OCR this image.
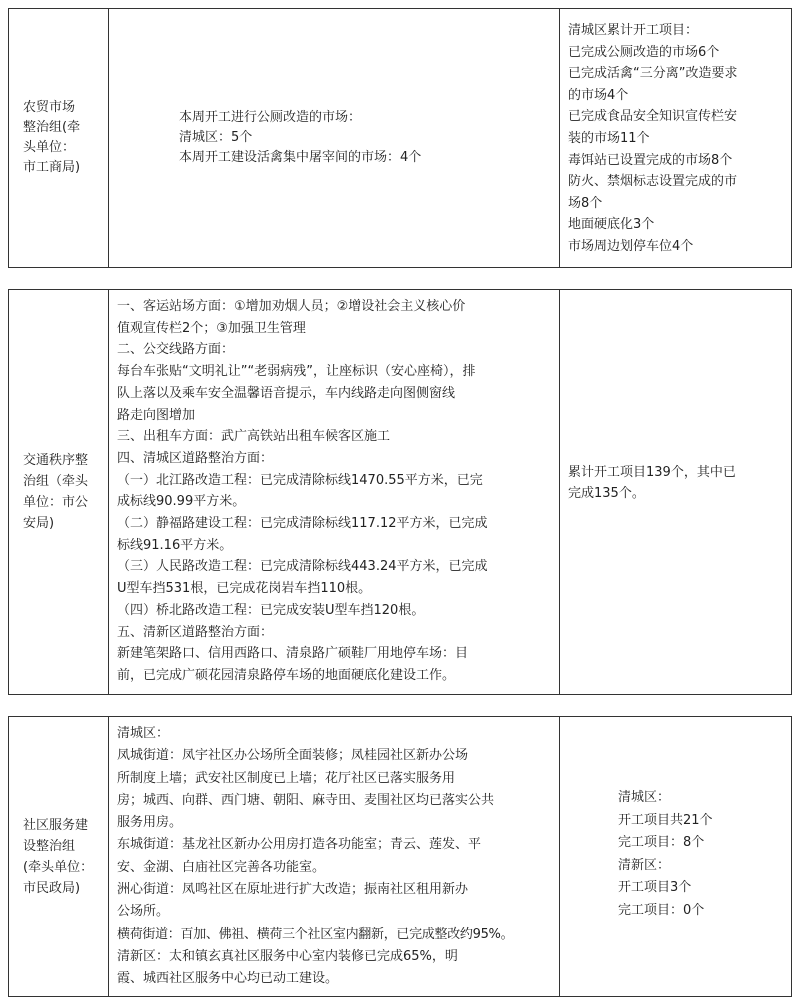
农贸市场
整治组(牵
头单位：
市工商局)
本周开工进行公厕改造的市场：
清城区：5个
本周开工建设活禽集中屠宰间的市场：4个
清城区累计开工项目：
已完成公厕改造的市场6个
已完成活禽“三分离”改造要求
的市场4个
已完成食品安全知识宣传栏安
装的市场11个
毒饵站已设置完成的市场8个
防火、禁烟标志设置完成的市
场8个
地面硬底化3个
市场周边划停车位4个
交通秩序整
治组（牵头
单位：市公
安局)
一、客运站场方面：①增加劝烟人员；②增设社会主义核心价
值观宣传栏2个；③加强卫生管理
二、公交线路方面：
每台车张贴“文明礼让”“老弱病残”，让座标识（安心座椅），排
队上落以及乘车安全温馨语音提示，车内线路走向图侧窗线
路走向图增加
三、出租车方面：武广高铁站出租车候客区施工
四、清城区道路整治方面：
（一）北江路改造工程：已完成清除标线1470.55平方米，已完
成标线90.99平方米。
（二）静福路建设工程：已完成清除标线117.12平方米，已完成
标线91.16平方米。
（三）人民路改造工程：已完成清除标线443.24平方米，已完成
U型车挡531根，已完成花岗岩车挡110根。
（四）桥北路改造工程：已完成安装U型车挡120根。
五、清新区道路整治方面：
新建笔架路口、信用西路口、清泉路广硕鞋厂用地停车场：目
前，已完成广硕花园清泉路停车场的地面硬底化建设工作。
累计开工项目139个，其中已
完成135个。
社区服务建
设整治组
(牵头单位：
市民政局)
清城区：
凤城街道：凤宇社区办公场所全面装修；凤桂园社区新办公场
所制度上墙；武安社区制度已上墙；花厅社区已落实服务用
房；城西、向群、西门塘、朝阳、麻寺田、麦围社区均已落实公共
服务用房。
东城街道：基龙社区新办公用房打造各功能室；青云、莲发、平
安、金湖、白庙社区完善各功能室。
洲心街道：凤鸣社区在原址进行扩大改造；振南社区租用新办
公场所。
横荷街道：百加、佛祖、横荷三个社区室内翻新，已完成整改约95%。
清新区：太和镇玄真社区服务中心室内装修已完成65%，明
霞、城西社区服务中心均已动工建设。
清城区：
开工项目共21个
完工项目：8个
清新区：
开工项目3个
完工项目：0个
